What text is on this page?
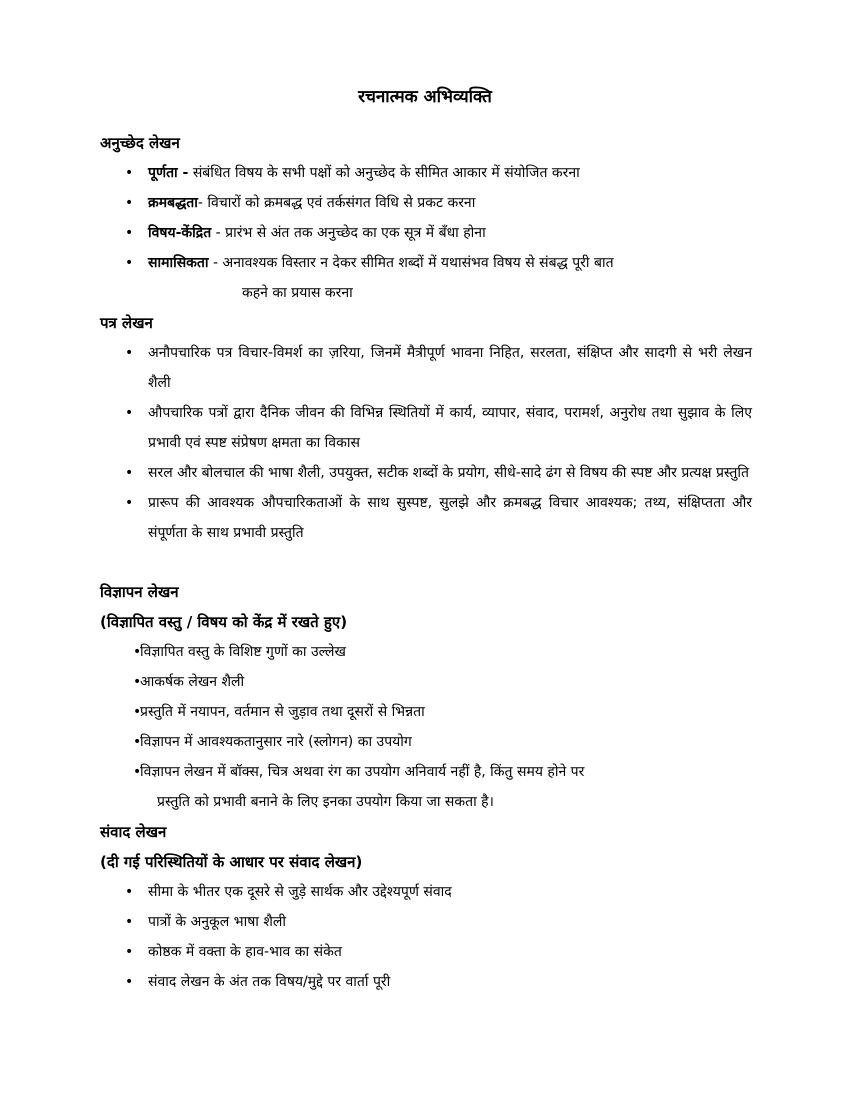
रचनात्मक अभिव्यक्ति
अनुच्छेद लेखन
• पूर्णता - संबंधित विषय के सभी पक्षों को अनुच्छेद के सीमित आकार में संयोजित करना
• क्रमबद्धता- विचारों को क्रमबद्ध एवं तर्कसंगत विधि से प्रकट करना
• विषय-केंद्रित - प्रारंभ से अंत तक अनुच्छेद का एक सूत्र में बँधा होना
• सामासिकता - अनावश्यक विस्तार न देकर सीमित शब्दों में यथासंभव विषय से संबद्ध पूरी बात
कहने का प्रयास करना
पत्र लेखन
• अनौपचारिक पत्र विचार-विमर्श का ज़रिया, जिनमें मैत्रीपूर्ण भावना निहित, सरलता, संक्षिप्त और सादगी से भरी लेखन शैली
• औपचारिक पत्रों द्वारा दैनिक जीवन की विभिन्न स्थितियों में कार्य, व्यापार, संवाद, परामर्श, अनुरोध तथा सुझाव के लिए प्रभावी एवं स्पष्ट संप्रेषण क्षमता का विकास
• सरल और बोलचाल की भाषा शैली, उपयुक्त, सटीक शब्दों के प्रयोग, सीधे-सादे ढंग से विषय की स्पष्ट और प्रत्यक्ष प्रस्तुति
• प्रारूप की आवश्यक औपचारिकताओं के साथ सुस्पष्ट, सुलझे और क्रमबद्ध विचार आवश्यक; तथ्य, संक्षिप्तता और संपूर्णता के साथ प्रभावी प्रस्तुति
विज्ञापन लेखन
(विज्ञापित वस्तु / विषय को केंद्र में रखते हुए)
• विज्ञापित वस्तु के विशिष्ट गुणों का उल्लेख
• आकर्षक लेखन शैली
• प्रस्तुति में नयापन, वर्तमान से जुड़ाव तथा दूसरों से भिन्नता
• विज्ञापन में आवश्यकतानुसार नारे (स्लोगन) का उपयोग
• विज्ञापन लेखन में बॉक्स, चित्र अथवा रंग का उपयोग अनिवार्य नहीं है, किंतु समय होने पर
प्रस्तुति को प्रभावी बनाने के लिए इनका उपयोग किया जा सकता है।
संवाद लेखन
(दी गई परिस्थितियों के आधार पर संवाद लेखन)
• सीमा के भीतर एक दूसरे से जुड़े सार्थक और उद्देश्यपूर्ण संवाद
• पात्रों के अनुकूल भाषा शैली
• कोष्ठक में वक्ता के हाव-भाव का संकेत
• संवाद लेखन के अंत तक विषय/मुद्दे पर वार्ता पूरी
